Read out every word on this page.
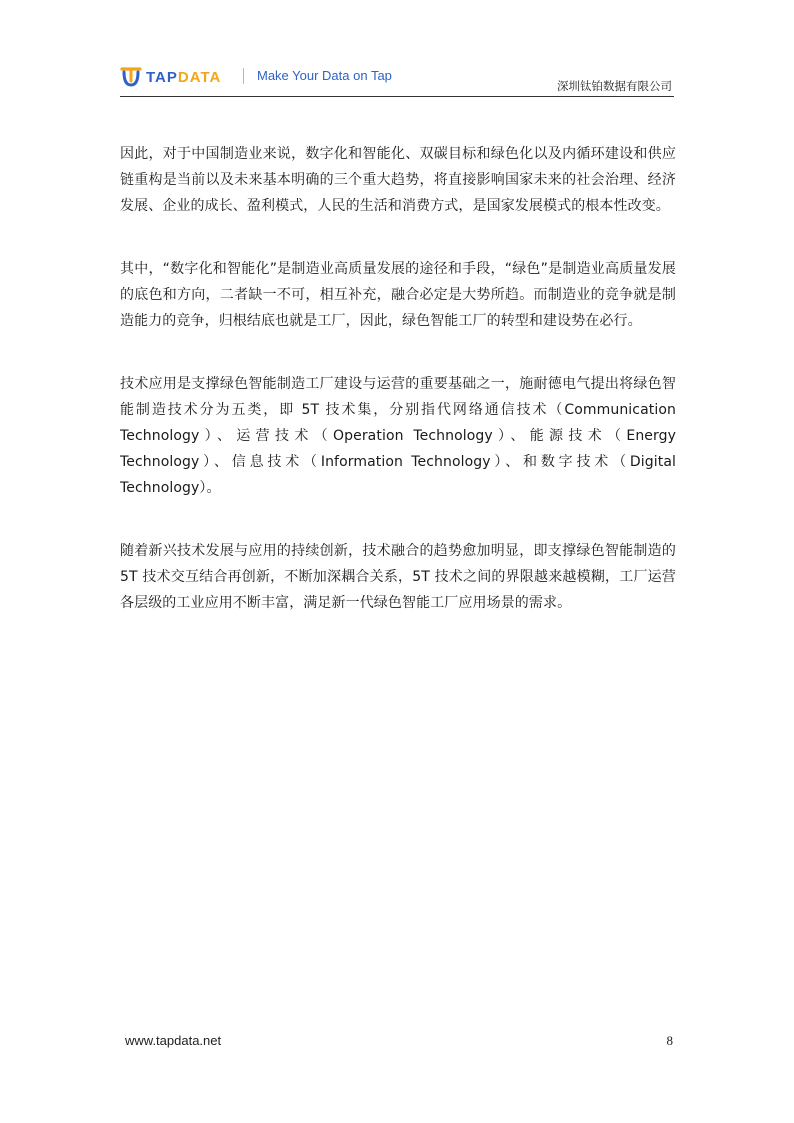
TAPDATA	Make Your Data on Tap
深圳钛铂数据有限公司

因此，对于中国制造业来说，数字化和智能化、双碳目标和绿色化以及内循环建设和供应链重构是当前以及未来基本明确的三个重大趋势，将直接影响国家未来的社会治理、经济发展、企业的成长、盈利模式，人民的生活和消费方式，是国家发展模式的根本性改变。

其中，“数字化和智能化”是制造业高质量发展的途径和手段，“绿色”是制造业高质量发展的底色和方向，二者缺一不可，相互补充，融合必定是大势所趋。而制造业的竞争就是制造能力的竞争，归根结底也就是工厂，因此，绿色智能工厂的转型和建设势在必行。

技术应用是支撑绿色智能制造工厂建设与运营的重要基础之一，施耐德电气提出将绿色智能制造技术分为五类，即 5T 技术集，分别指代网络通信技术（Communication Technology）、运营技术（Operation Technology）、能源技术（Energy Technology）、信息技术（Information Technology）、和数字技术（Digital Technology）。

随着新兴技术发展与应用的持续创新，技术融合的趋势愈加明显，即支撑绿色智能制造的 5T 技术交互结合再创新，不断加深耦合关系，5T 技术之间的界限越来越模糊，工厂运营各层级的工业应用不断丰富，满足新一代绿色智能工厂应用场景的需求。

www.tapdata.net	8
